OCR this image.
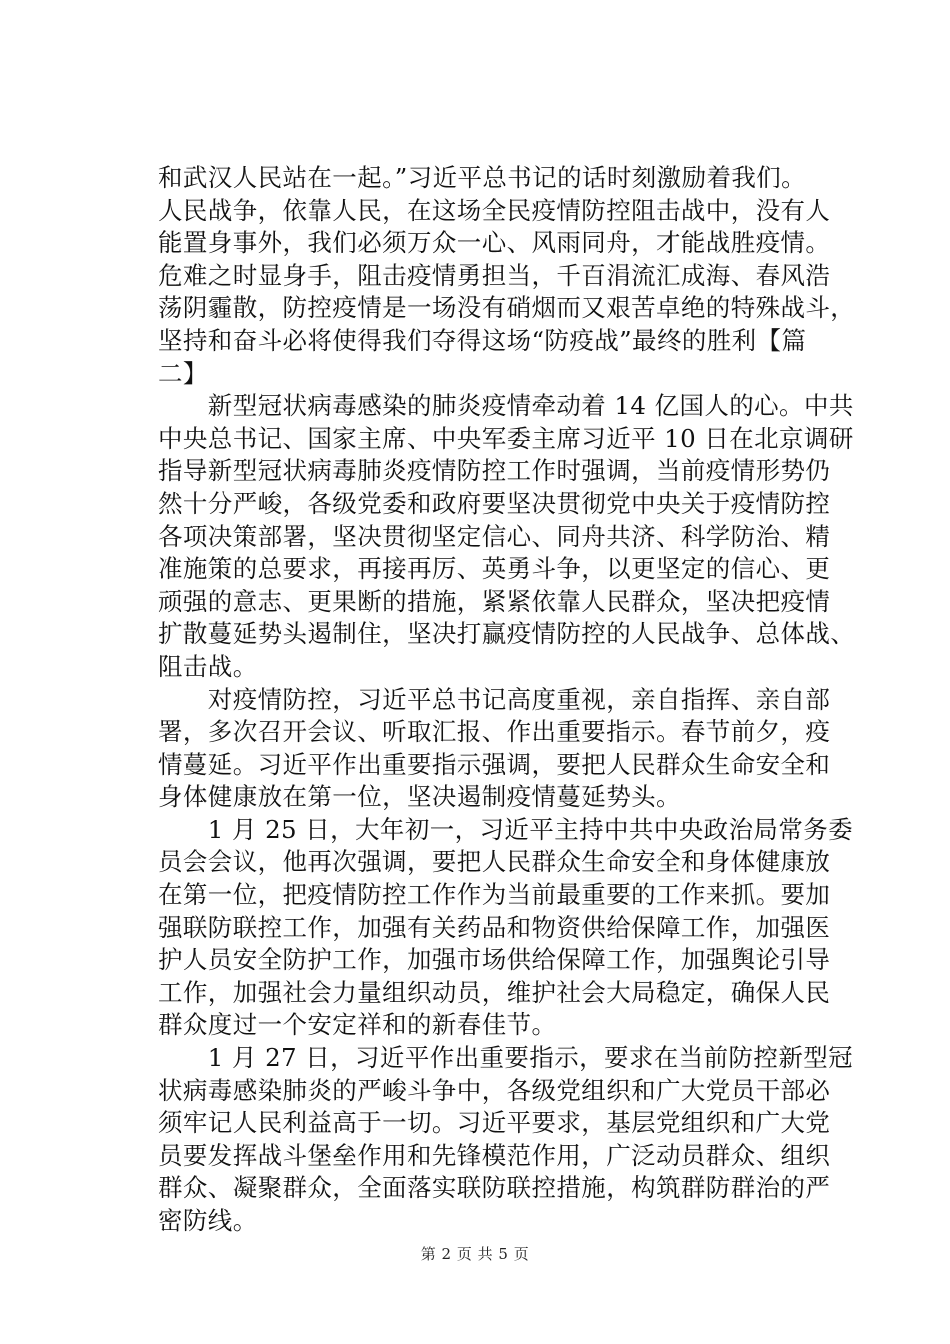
和武汉人民站在一起。”习近平总书记的话时刻激励着我们。
人民战争，依靠人民，在这场全民疫情防控阻击战中，没有人
能置身事外，我们必须万众一心、风雨同舟，才能战胜疫情。
危难之时显身手，阻击疫情勇担当，千百涓流汇成海、春风浩
荡阴霾散，防控疫情是一场没有硝烟而又艰苦卓绝的特殊战斗，
坚持和奋斗必将使得我们夺得这场“防疫战”最终的胜利【篇
二】
　　新型冠状病毒感染的肺炎疫情牵动着 14 亿国人的心。中共
中央总书记、国家主席、中央军委主席习近平 10 日在北京调研
指导新型冠状病毒肺炎疫情防控工作时强调，当前疫情形势仍
然十分严峻，各级党委和政府要坚决贯彻党中央关于疫情防控
各项决策部署，坚决贯彻坚定信心、同舟共济、科学防治、精
准施策的总要求，再接再厉、英勇斗争，以更坚定的信心、更
顽强的意志、更果断的措施，紧紧依靠人民群众，坚决把疫情
扩散蔓延势头遏制住，坚决打赢疫情防控的人民战争、总体战、
阻击战。
　　对疫情防控，习近平总书记高度重视，亲自指挥、亲自部
署，多次召开会议、听取汇报、作出重要指示。春节前夕，疫
情蔓延。习近平作出重要指示强调，要把人民群众生命安全和
身体健康放在第一位，坚决遏制疫情蔓延势头。
　　1 月 25 日，大年初一，习近平主持中共中央政治局常务委
员会会议，他再次强调，要把人民群众生命安全和身体健康放
在第一位，把疫情防控工作作为当前最重要的工作来抓。要加
强联防联控工作，加强有关药品和物资供给保障工作，加强医
护人员安全防护工作，加强市场供给保障工作，加强舆论引导
工作，加强社会力量组织动员，维护社会大局稳定，确保人民
群众度过一个安定祥和的新春佳节。
　　1 月 27 日，习近平作出重要指示，要求在当前防控新型冠
状病毒感染肺炎的严峻斗争中，各级党组织和广大党员干部必
须牢记人民利益高于一切。习近平要求，基层党组织和广大党
员要发挥战斗堡垒作用和先锋模范作用，广泛动员群众、组织
群众、凝聚群众，全面落实联防联控措施，构筑群防群治的严
密防线。
第 2 页 共 5 页
